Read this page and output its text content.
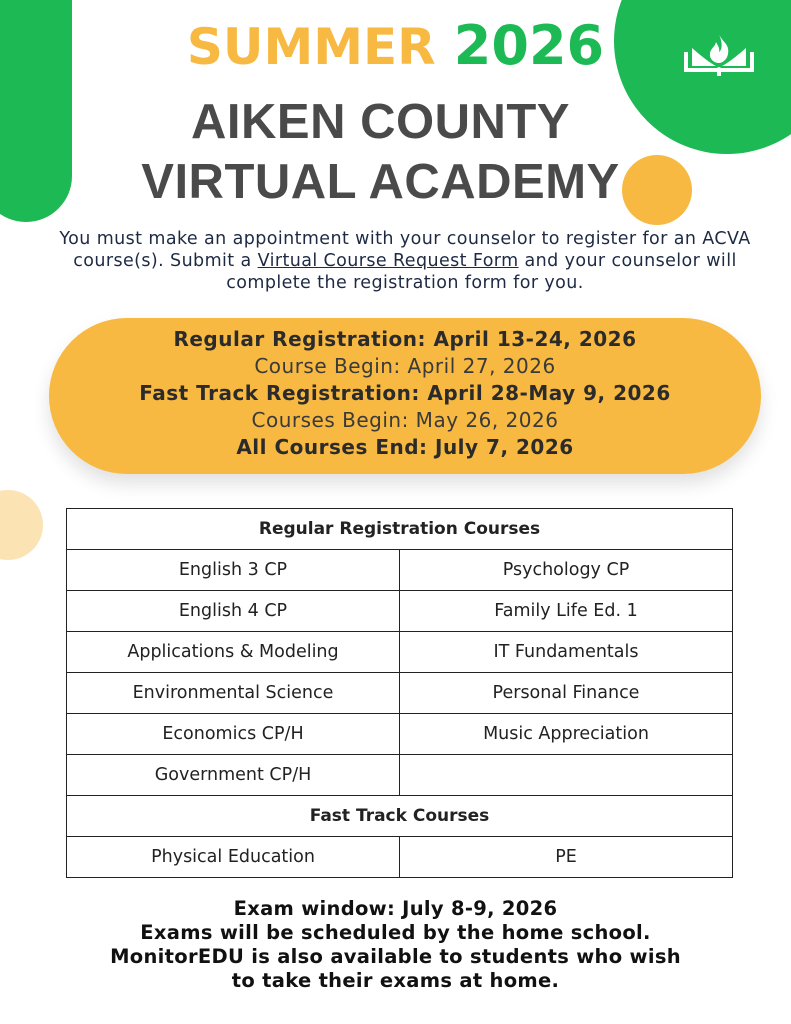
SUMMER 2026
AIKEN COUNTY
VIRTUAL ACADEMY
You must make an appointment with your counselor to register for an ACVA course(s). Submit a Virtual Course Request Form and your counselor will complete the registration form for you.
Regular Registration: April 13-24, 2026
Course Begin: April 27, 2026
Fast Track Registration: April 28-May 9, 2026
Courses Begin: May 26, 2026
All Courses End: July 7, 2026
Regular Registration Courses	
English 3 CP	Psychology CP
English 4 CP	Family Life Ed. 1
Applications & Modeling	IT Fundamentals
Environmental Science	Personal Finance
Economics CP/H	Music Appreciation
Government CP/H	
Fast Track Courses	
Physical Education	PE
Exam window: July 8-9, 2026
Exams will be scheduled by the home school.
MonitorEDU is also available to students who wish
to take their exams at home.
